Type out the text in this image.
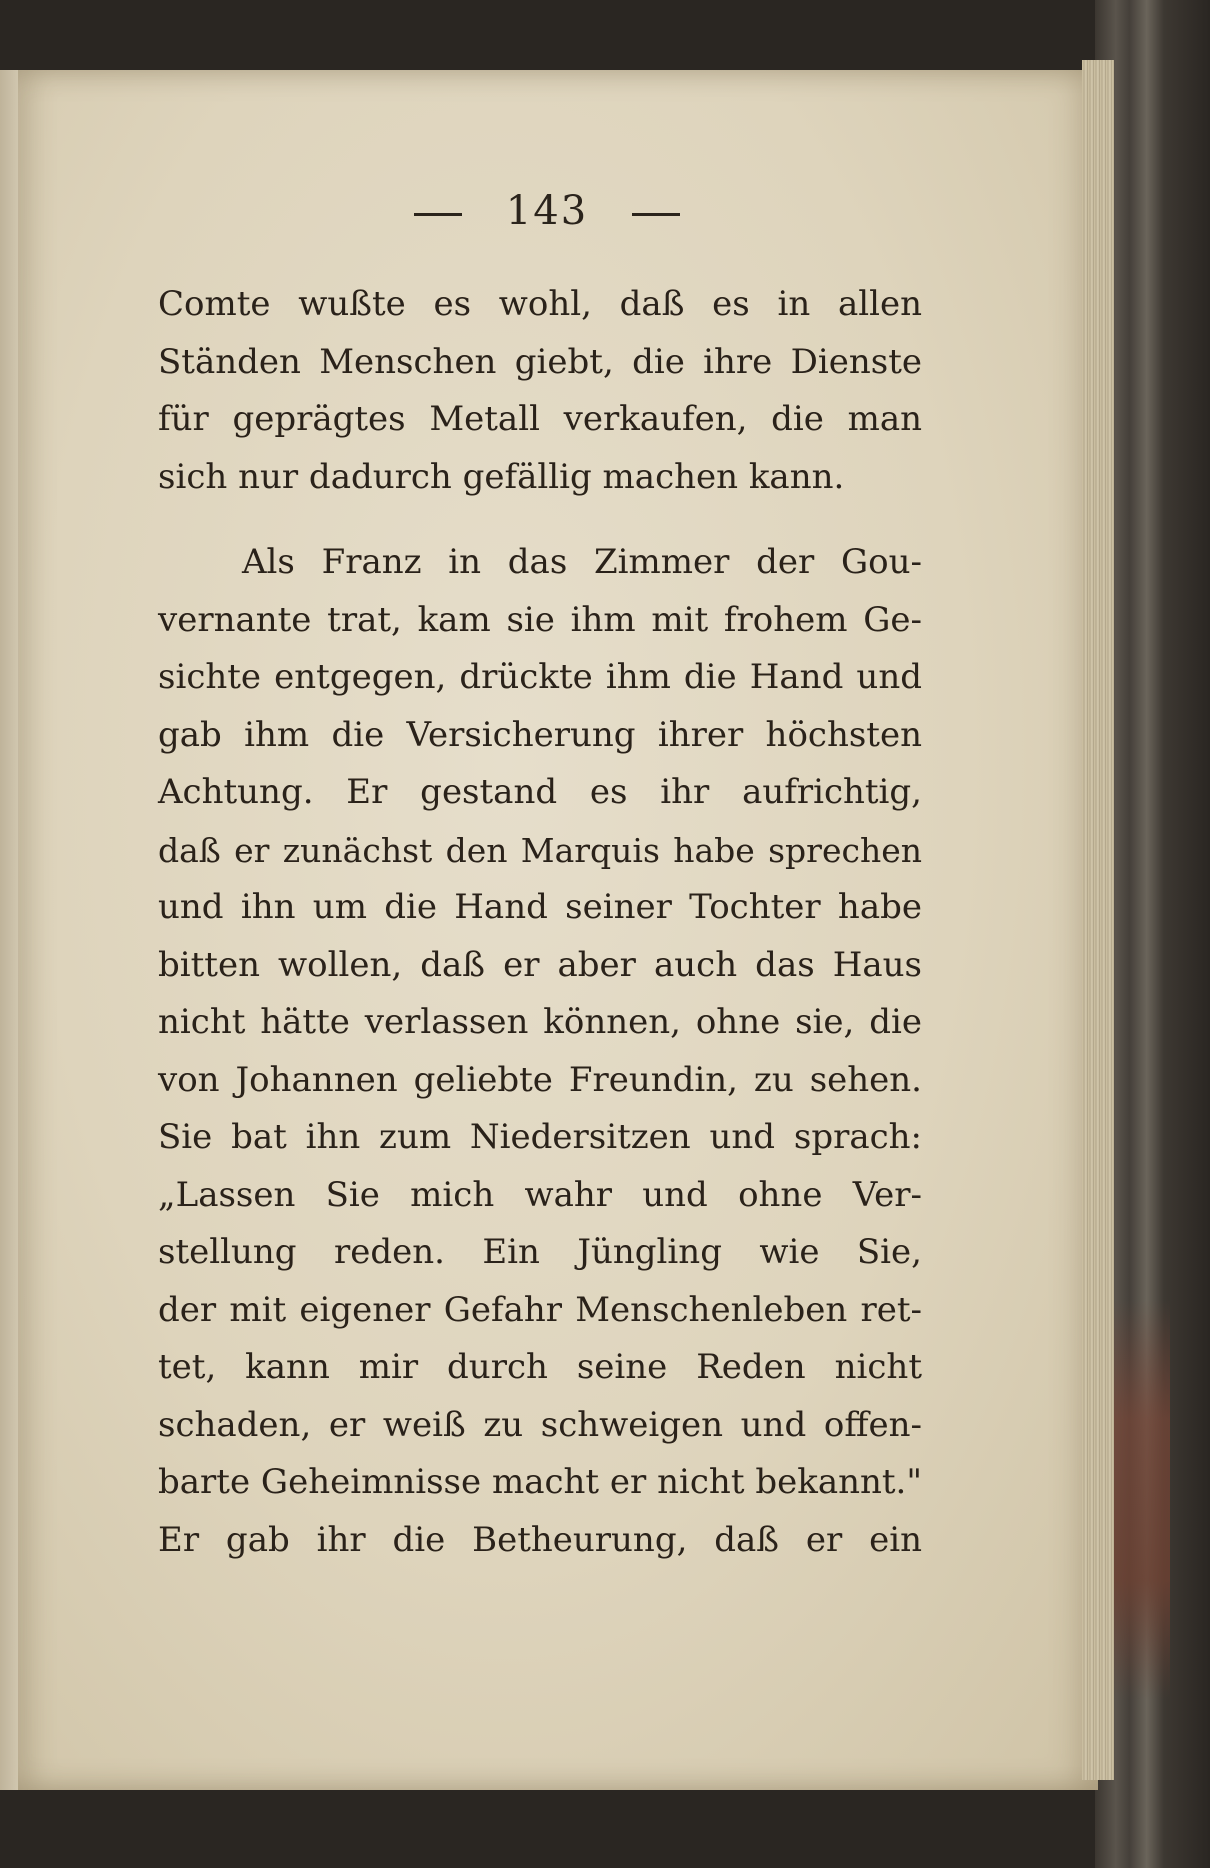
143
Comte wußte es wohl, daß es in allen
Ständen Menschen giebt, die ihre Dienste
für geprägtes Metall verkaufen, die man
sich nur dadurch gefällig machen kann.
Als Franz in das Zimmer der Gou-
vernante trat, kam sie ihm mit frohem Ge-
sichte entgegen, drückte ihm die Hand und
gab ihm die Versicherung ihrer höchsten
Achtung. Er gestand es ihr aufrichtig,
daß er zunächst den Marquis habe sprechen
und ihn um die Hand seiner Tochter habe
bitten wollen, daß er aber auch das Haus
nicht hätte verlassen können, ohne sie, die
von Johannen geliebte Freundin, zu sehen.
Sie bat ihn zum Niedersitzen und sprach:
„Lassen Sie mich wahr und ohne Ver-
stellung reden. Ein Jüngling wie Sie,
der mit eigener Gefahr Menschenleben ret-
tet, kann mir durch seine Reden nicht
schaden, er weiß zu schweigen und offen-
barte Geheimnisse macht er nicht bekannt."
Er gab ihr die Betheurung, daß er ein
